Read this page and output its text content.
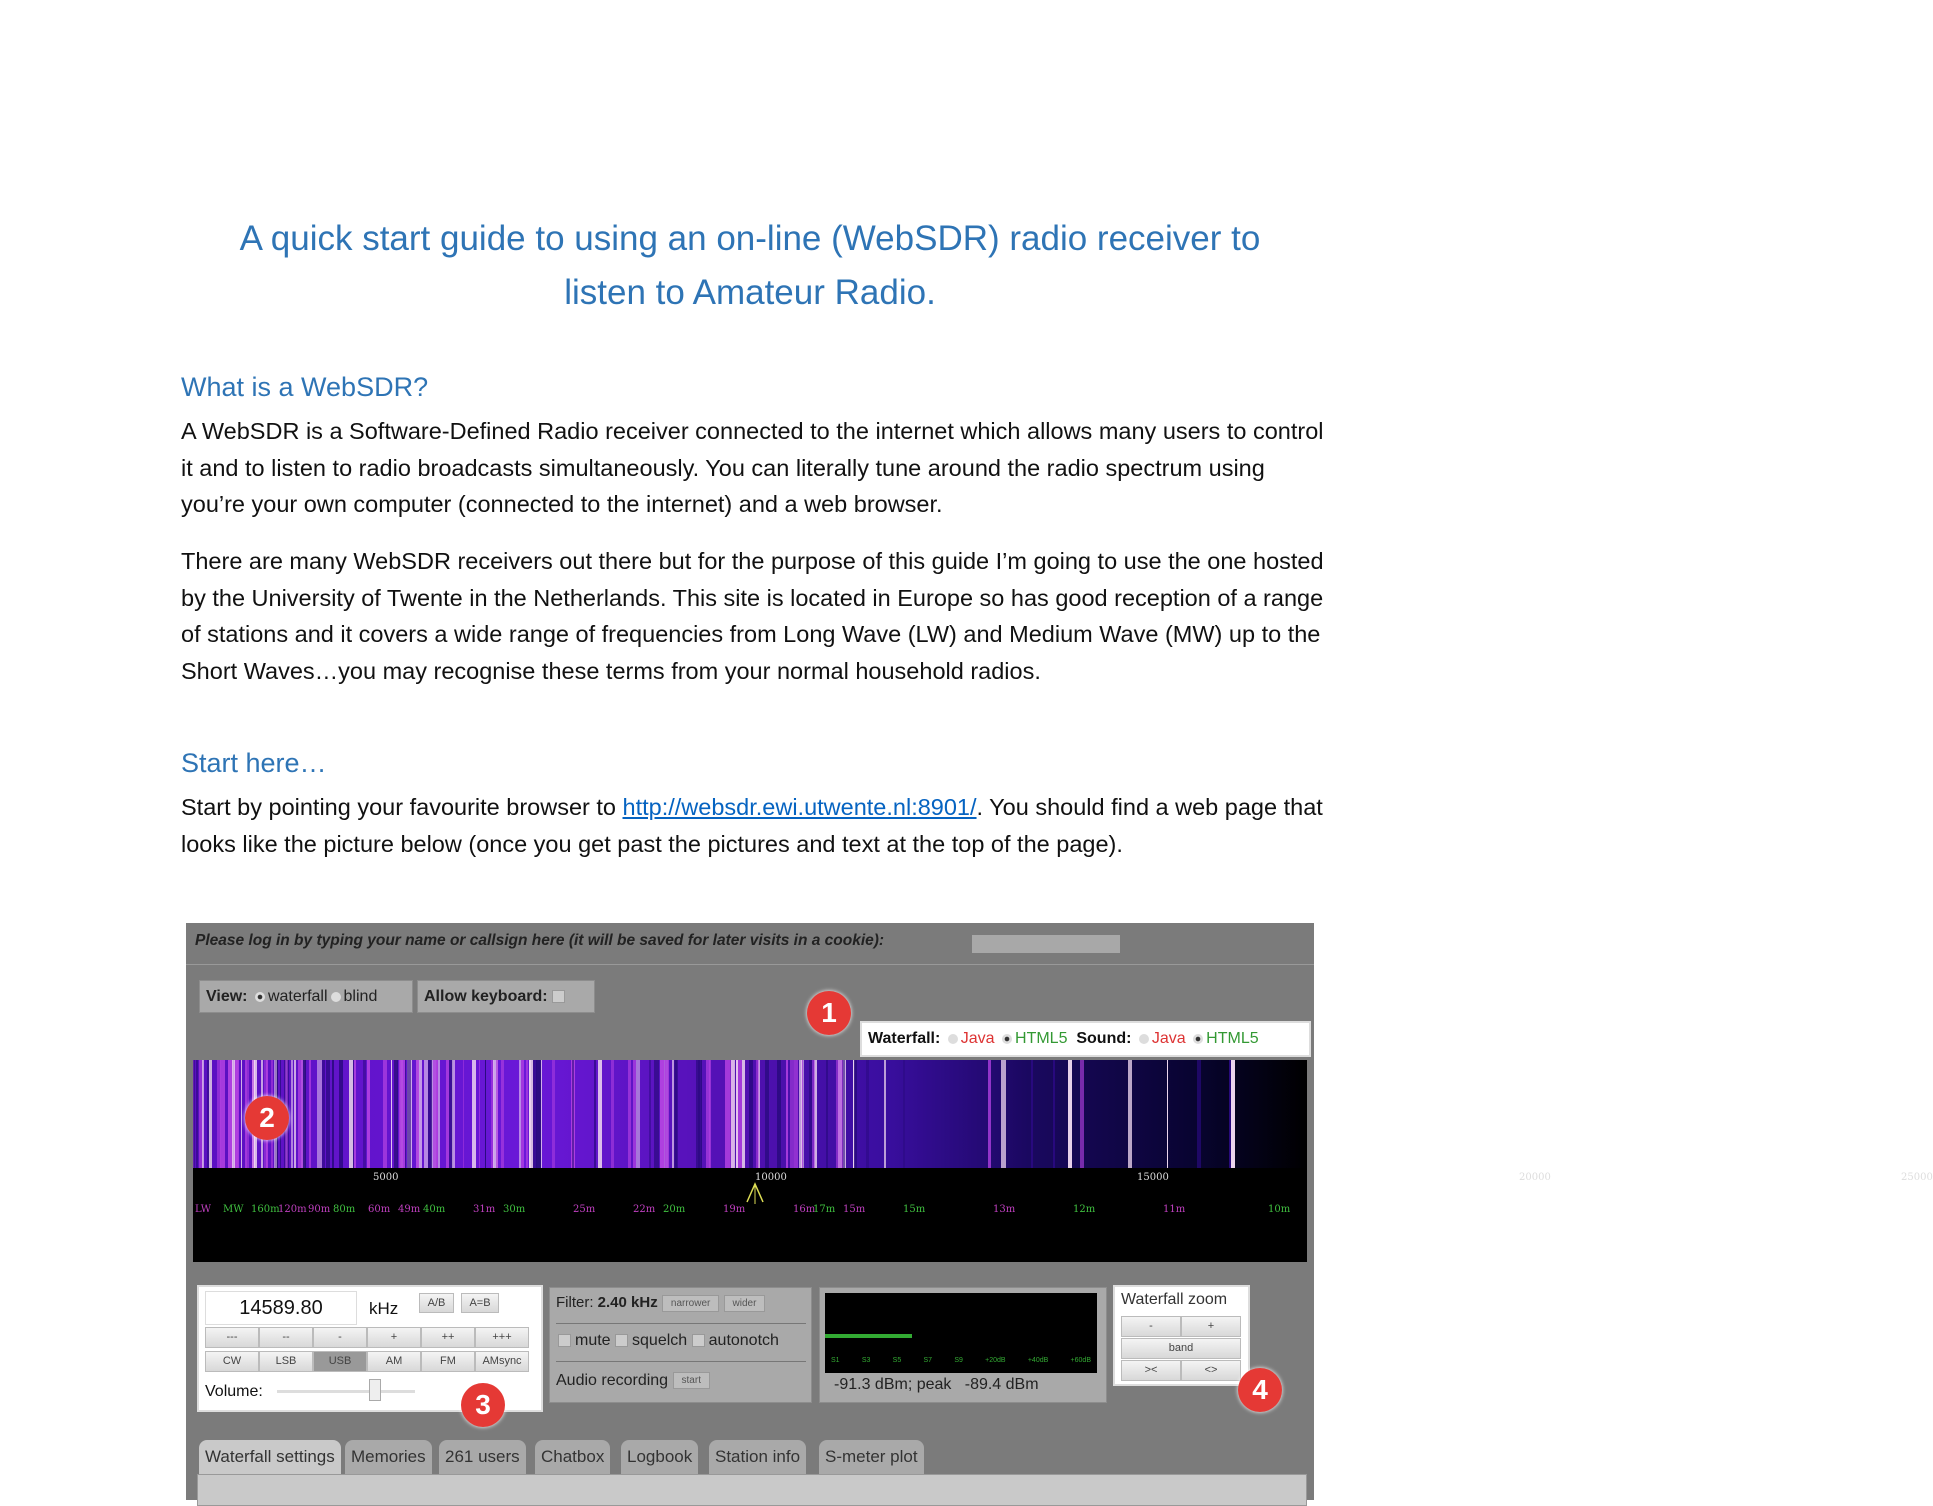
A quick start guide to using an on-line (WebSDR) radio receiver to
listen to Amateur Radio.
What is a WebSDR?
A WebSDR is a Software-Defined Radio receiver connected to the internet which allows many users to control it and to listen to radio broadcasts simultaneously. You can literally tune around the radio spectrum using you’re your own computer (connected to the internet) and a web browser.
There are many WebSDR receivers out there but for the purpose of this guide I’m going to use the one hosted by the University of Twente in the Netherlands. This site is located in Europe so has good reception of a range of stations and it covers a wide range of frequencies from Long Wave (LW) and Medium Wave (MW) up to the Short Waves…you may recognise these terms from your normal household radios.
Start here…
Start by pointing your favourite browser to http://websdr.ewi.utwente.nl:8901/. You should find a web page that looks like the picture below (once you get past the pictures and text at the top of the page).
Please log in by typing your name or callsign here (it will be saved for later visits in a cookie):
View: waterfall blind	Allow keyboard:
Waterfall: Java HTML5 Sound: Java HTML5
5000	10000	15000	20000	25000
LW MW 160m
120m 90m 80m 60m 49m 40m	31m 30m	25m	22m 20m	19m	16m
17m 15m	15m	13m	12m	11m	10m
1
2
14589.80	kHz	A/B	A=B
Volume:
---	--	-	+	++	+++
CW	LSB	USB	AM	FM	AMsync
3
Filter: 2.40 kHz narrower wider
mute squelch autonotch
Audio recording start
S1	S3	S5	S7	S9	+20dB	+40dB	+60dB
-91.3 dBm; peak   -89.4 dBm
Waterfall zoom
-	+
band
><	<>
4
Waterfall settings Memories	261 users	Chatbox	Logbook	Station info	S-meter plot
